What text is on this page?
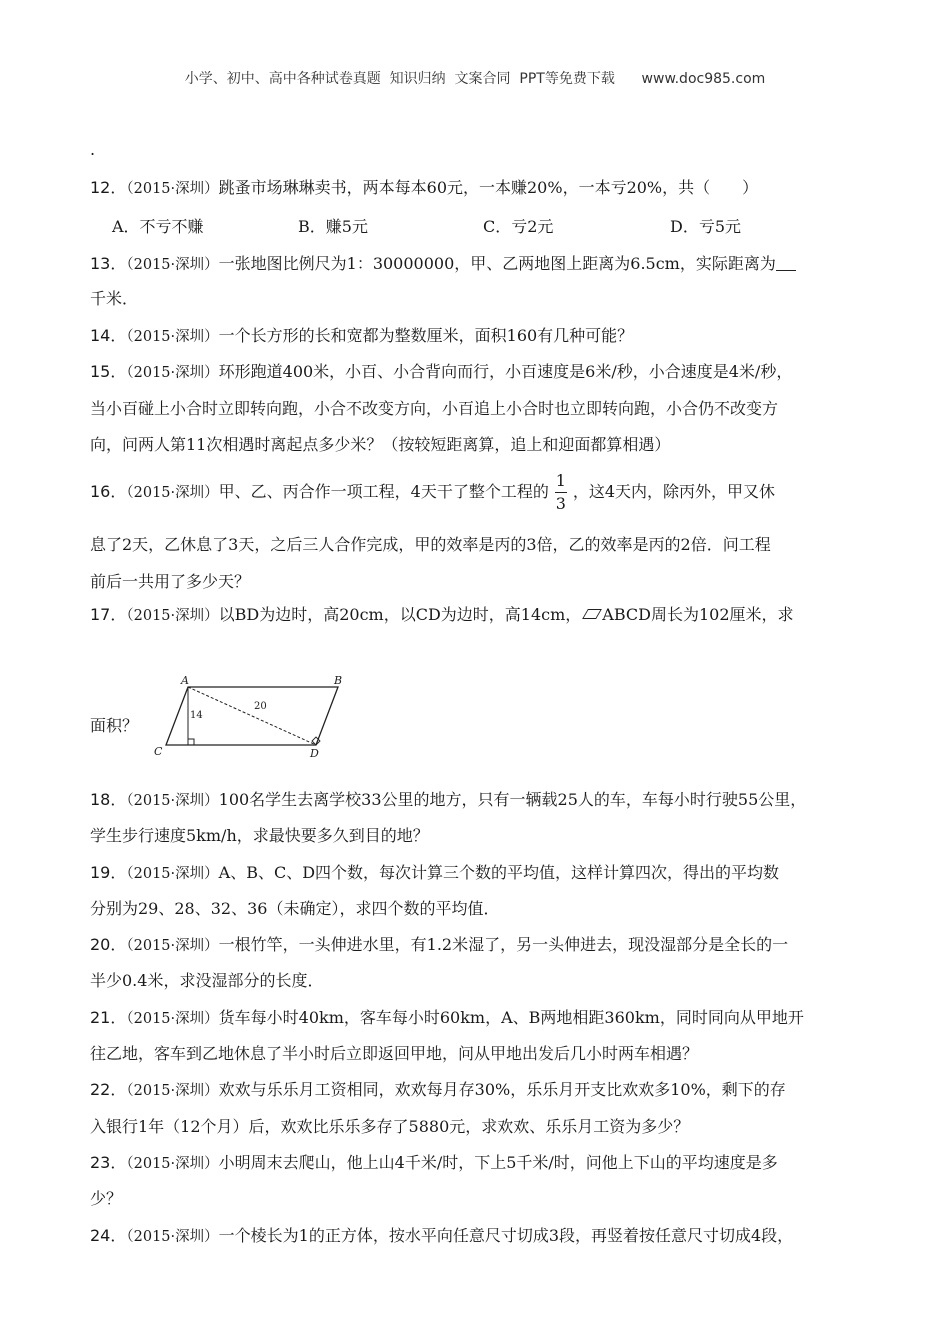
小学、初中、高中各种试卷真题  知识归纳  文案合同  PPT等免费下载      www.doc985.com
.
12．（2015·深圳）跳蚤市场琳琳卖书，两本每本60元，一本赚20%，一本亏20%，共（　　）
A．不亏不赚	B．赚5元	C．亏2元	D．亏5元
13．（2015·深圳）一张地图比例尺为1：30000000，甲、乙两地图上距离为6.5cm，实际距离为
千米．
14．（2015·深圳）一个长方形的长和宽都为整数厘米，面积160有几种可能？
15．（2015·深圳）环形跑道400米，小百、小合背向而行，小百速度是6米/秒，小合速度是4米/秒，
当小百碰上小合时立即转向跑，小合不改变方向，小百追上小合时也立即转向跑，小合仍不改变方
向，问两人第11次相遇时离起点多少米？（按较短距离算，追上和迎面都算相遇）
16．（2015·深圳）甲、乙、丙合作一项工程，4天干了整个工程的 $\frac{1}{3}$ ，这4天内，除丙外，甲又休
息了2天，乙休息了3天，之后三人合作完成，甲的效率是丙的3倍，乙的效率是丙的2倍．问工程
前后一共用了多少天？
17．（2015·深圳）以BD为边时，高20cm，以CD为边时，高14cm， ABCD周长为102厘米，求
面积？
A	B
C	D
14
20
18．（2015·深圳）100名学生去离学校33公里的地方，只有一辆载25人的车，车每小时行驶55公里，
学生步行速度5km/h，求最快要多久到目的地？
19．（2015·深圳）A、B、C、D四个数，每次计算三个数的平均值，这样计算四次，得出的平均数
分别为29、28、32、36（未确定），求四个数的平均值．
20．（2015·深圳）一根竹竿，一头伸进水里，有1.2米湿了，另一头伸进去，现没湿部分是全长的一
半少0.4米，求没湿部分的长度．
21．（2015·深圳）货车每小时40km，客车每小时60km，A、B两地相距360km，同时同向从甲地开
往乙地，客车到乙地休息了半小时后立即返回甲地，问从甲地出发后几小时两车相遇？
22．（2015·深圳）欢欢与乐乐月工资相同，欢欢每月存30%，乐乐月开支比欢欢多10%，剩下的存
入银行1年（12个月）后，欢欢比乐乐多存了5880元，求欢欢、乐乐月工资为多少？
23．（2015·深圳）小明周末去爬山，他上山4千米/时，下上5千米/时，问他上下山的平均速度是多
少？
24．（2015·深圳）一个棱长为1的正方体，按水平向任意尺寸切成3段，再竖着按任意尺寸切成4段，
